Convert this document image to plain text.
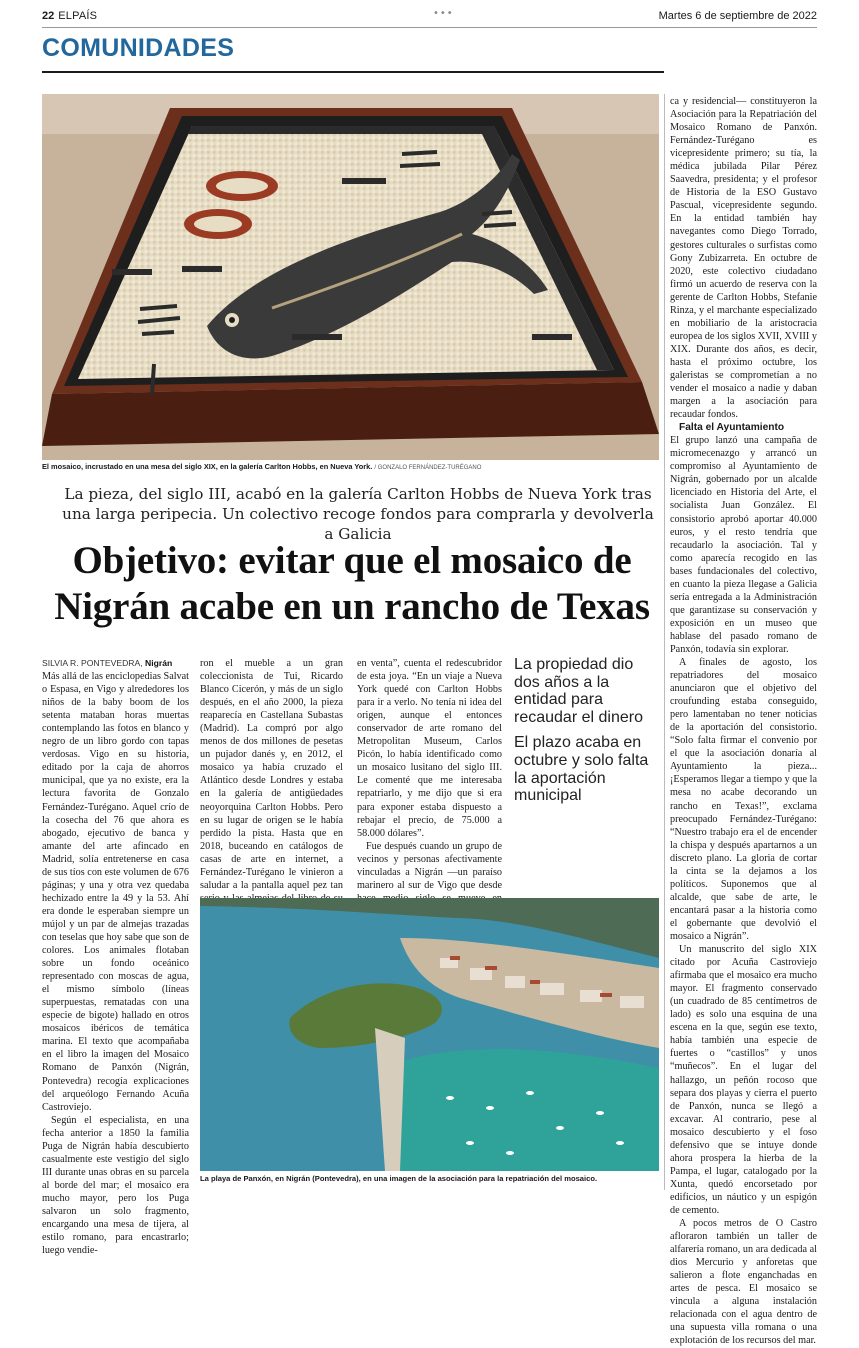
22 ELPAÍS	•••	Martes 6 de septiembre de 2022
COMUNIDADES
El mosaico, incrustado en una mesa del siglo XIX, en la galería Carlton Hobbs, en Nueva York. / GONZALO FERNÁNDEZ-TURÉGANO
La pieza, del siglo III, acabó en la galería Carlton Hobbs de Nueva York tras una larga peripecia. Un colectivo recoge fondos para comprarla y devolverla a Galicia
Objetivo: evitar que el mosaico de Nigrán acabe en un rancho de Texas

SILVIA R. PONTEVEDRA, Nigrán

Más allá de las enciclopedias Salvat o Espasa, en Vigo y alrededores los niños de la baby boom de los setenta mataban horas muertas contemplando las fotos en blanco y negro de un libro gordo con tapas verdosas. Vigo en su historia, editado por la caja de ahorros municipal, que ya no existe, era la lectura favorita de Gonzalo Fernández-Turégano. Aquel crío de la cosecha del 76 que ahora es abogado, ejecutivo de banca y amante del arte afincado en Madrid, solía entretenerse en casa de sus tíos con este volumen de 676 páginas; y una y otra vez quedaba hechizado entre la 49 y la 53. Ahí era donde le esperaban siempre un mújol y un par de almejas trazadas con teselas que hoy sabe que son de colores. Los animales flotaban sobre un fondo oceánico representado con moscas de agua, el mismo símbolo (líneas superpuestas, rematadas con una especie de bigote) hallado en otros mosaicos ibéricos de temática marina. El texto que acompañaba en el libro la imagen del Mosaico Romano de Panxón (Nigrán, Pontevedra) recogía explicaciones del arqueólogo Fernando Acuña Castroviejo.

Según el especialista, en una fecha anterior a 1850 la familia Puga de Nigrán había descubierto casualmente este vestigio del siglo III durante unas obras en su parcela al borde del mar; el mosaico era mucho mayor, pero los Puga salvaron un solo fragmento, encargando una mesa de tijera, al estilo romano, para encastrarlo; luego vendie-

ron el mueble a un gran coleccionista de Tui, Ricardo Blanco Cicerón, y más de un siglo después, en el año 2000, la pieza reaparecía en Castellana Subastas (Madrid). La compró por algo menos de dos millones de pesetas un pujador danés y, en 2012, el mosaico ya había cruzado el Atlántico desde Londres y estaba en la galería de antigüedades neoyorquina Carlton Hobbs. Pero en su lugar de origen se le había perdido la pista. Hasta que en 2018, buceando en catálogos de casas de arte en internet, a Fernández-Turégano le vinieron a saludar a la pantalla aquel pez tan

en venta”, cuenta el redescubridor de esta joya. “En un viaje a Nueva York quedé con Carlton Hobbs para ir a verlo. No tenía ni idea del origen, aunque el entonces conservador de arte romano del Metropolitan Museum, Carlos Picón, lo había identificado como un mosaico lusitano del siglo III. Le comenté que me interesaba repatriarlo, y me dijo que si era para exponer estaba dispuesto a rebajar el precio, de 75.000 a 58.000 dólares”.

Fue después cuando un grupo de vecinos y personas afectivamente vinculadas a Nigrán —un paraíso marinero al sur de Vigo que desde

La propiedad dio dos años a la entidad para recaudar el dinero

El plazo acaba en octubre y solo falta la aportación municipal

La playa de Panxón, en Nigrán (Pontevedra), en una imagen de la asociación para la repatriación del mosaico.

ca y residencial— constituyeron la Asociación para la Repatriación del Mosaico Romano de Panxón. Fernández-Turégano es vicepresidente primero; su tía, la médica jubilada Pilar Pérez Saavedra, presidenta; y el profesor de Historia de la ESO Gustavo Pascual, vicepresidente segundo. En la entidad también hay navegantes como Diego Torrado, gestores culturales o surfistas como Gony Zubizarreta. En octubre de 2020, este colectivo ciudadano firmó un acuerdo de reserva con la gerente de Carlton Hobbs, Stefanie Rinza, y el marchante especializado en mobiliario de la aristocracia europea de los siglos XVII, XVIII y XIX. Durante dos años, es decir, hasta el próximo octubre, los galeristas se comprometían a no vender el mosaico a nadie y daban margen a la asociación para recaudar fondos.

Falta el Ayuntamiento

El grupo lanzó una campaña de micromecenazgo y arrancó un compromiso al Ayuntamiento de Nigrán, gobernado por un alcalde licenciado en Historia del Arte, el socialista Juan González. El consistorio aprobó aportar 40.000 euros, y el resto tendría que recaudarlo la asociación. Tal y como aparecía recogido en las bases fundacionales del colectivo, en cuanto la pieza llegase a Galicia sería entregada a la Administración que garantizase su conservación y exposición en un museo que hablase del pasado romano de Panxón, todavía sin explorar.

A finales de agosto, los repatriadores del mosaico anunciaron que el objetivo del croufunding estaba conseguido, pero lamentaban no tener noticias de la aportación del consistorio. “Solo falta firmar el convenio por el que la asociación donaría al Ayuntamiento la pieza... ¡Esperamos llegar a tiempo y que la mesa no acabe decorando un rancho en Texas!”, exclama preocupado Fernández-Turégano: “Nuestro trabajo era el de encender la chispa y después apartarnos a un discreto plano. La gloria de cortar la cinta se la dejamos a los políticos. Suponemos que al alcalde, que sabe de arte, le encantará pasar a la historia como el gobernante que devolvió el mosaico a Nigrán”.

Un manuscrito del siglo XIX citado por Acuña Castroviejo afirmaba que el mosaico era mucho mayor. El fragmento conservado (un cuadrado de 85 centímetros de lado) es solo una esquina de una escena en la que, según ese texto, había también una especie de fuertes o “castillos” y unos “muñecos”. En el lugar del hallazgo, un peñón rocoso que separa dos playas y cierra el puerto de Panxón, nunca se llegó a excavar. Al contrario, pese al mosaico descubierto y el foso defensivo que se intuye donde ahora prospera la hierba de la Pampa, el lugar, catalogado por la Xunta, quedó encorsetado por edificios, un náutico y un espigón de cemento.

A pocos metros de O Castro afloraron también un taller de alfarería romano, un ara dedicada al dios Mercurio y anforetas que salieron a flote enganchadas en artes de pesca. El mosaico se vincula a alguna instalación relacionada con el agua dentro de una supuesta villa romana o una explotación de los recursos del mar.
